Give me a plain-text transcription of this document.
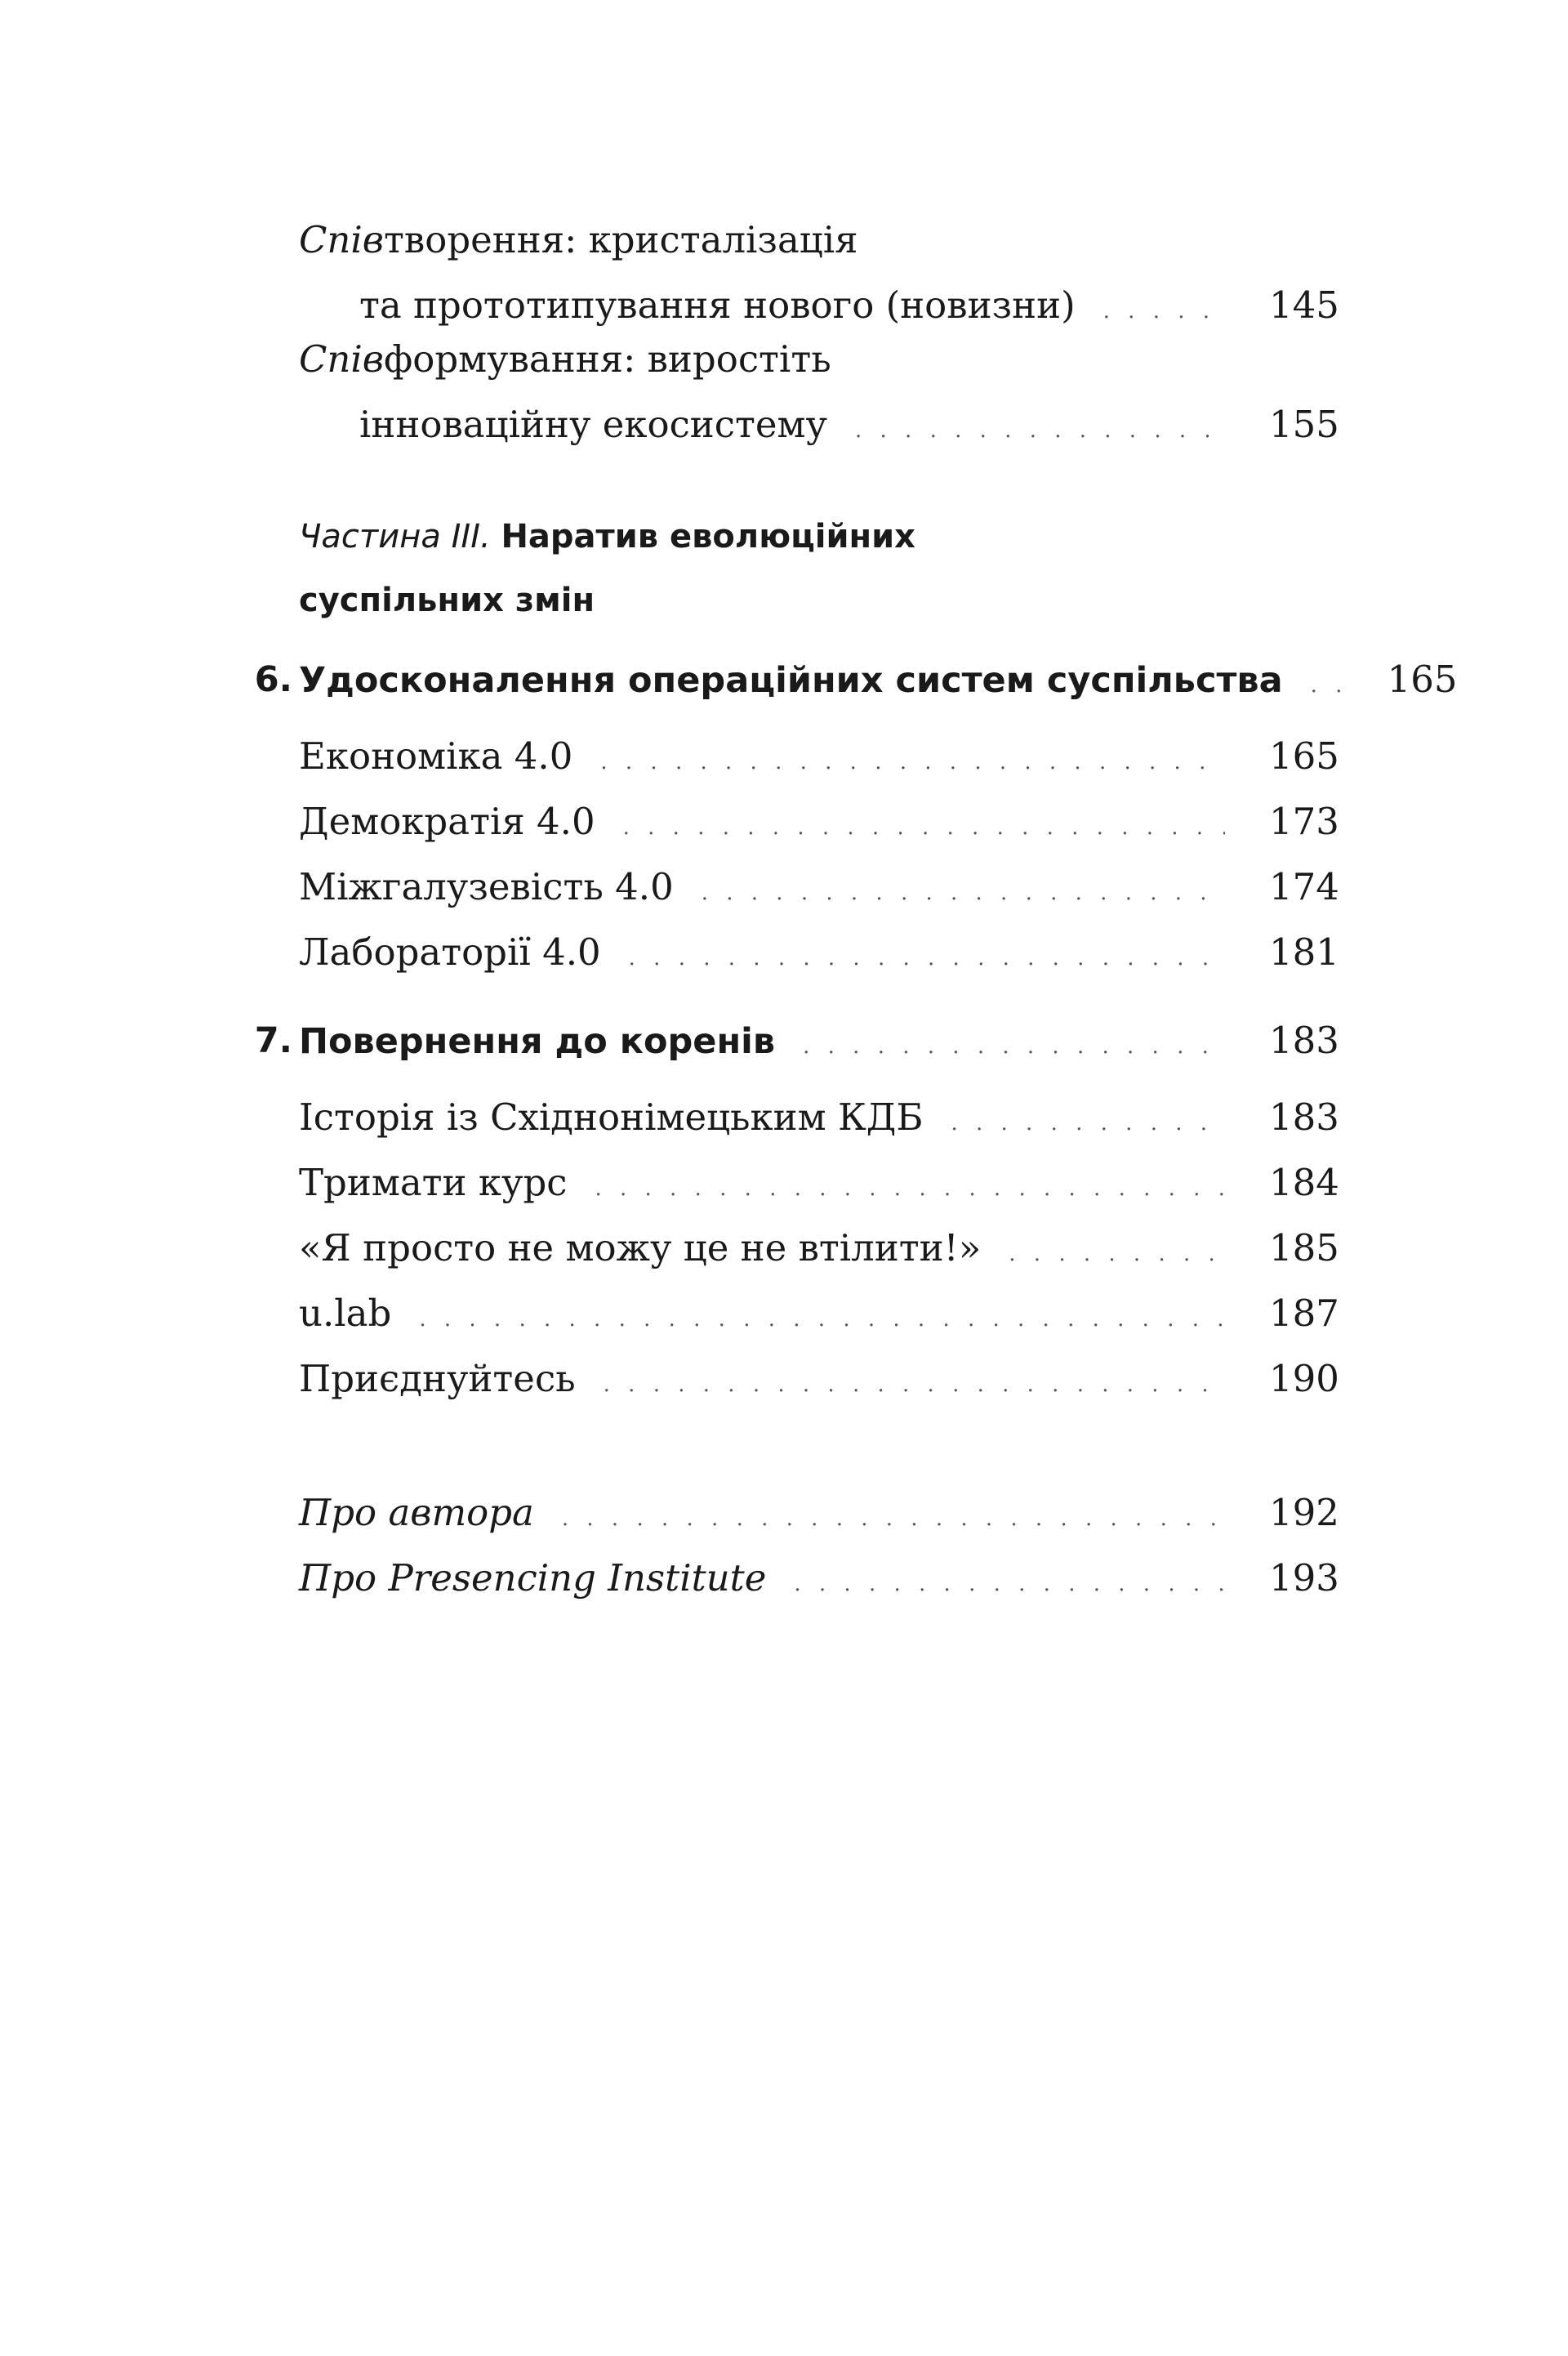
Співтворення: кристалізація
та прототипування нового (новизни) . . .	145
Співформування: виростіть
інноваційну екосистему . . .	155
Частина III. Наратив еволюційних
суспільних змін
6. Удосконалення операційних систем суспільства . . .	165
Економіка 4.0 . . .	165
Демократія 4.0 . . .	173
Міжгалузевість 4.0 . . .	174
Лабораторії 4.0 . . .	181
7. Повернення до коренів . . .	183
Історія із Східнонімецьким КДБ . . .	183
Тримати курс . . .	184
«Я просто не можу це не втілити!» . . .	185
u.lab . . .	187
Приєднуйтесь . . .	190
Про автора . . .	192
Про Presencing Institute . . .	193
